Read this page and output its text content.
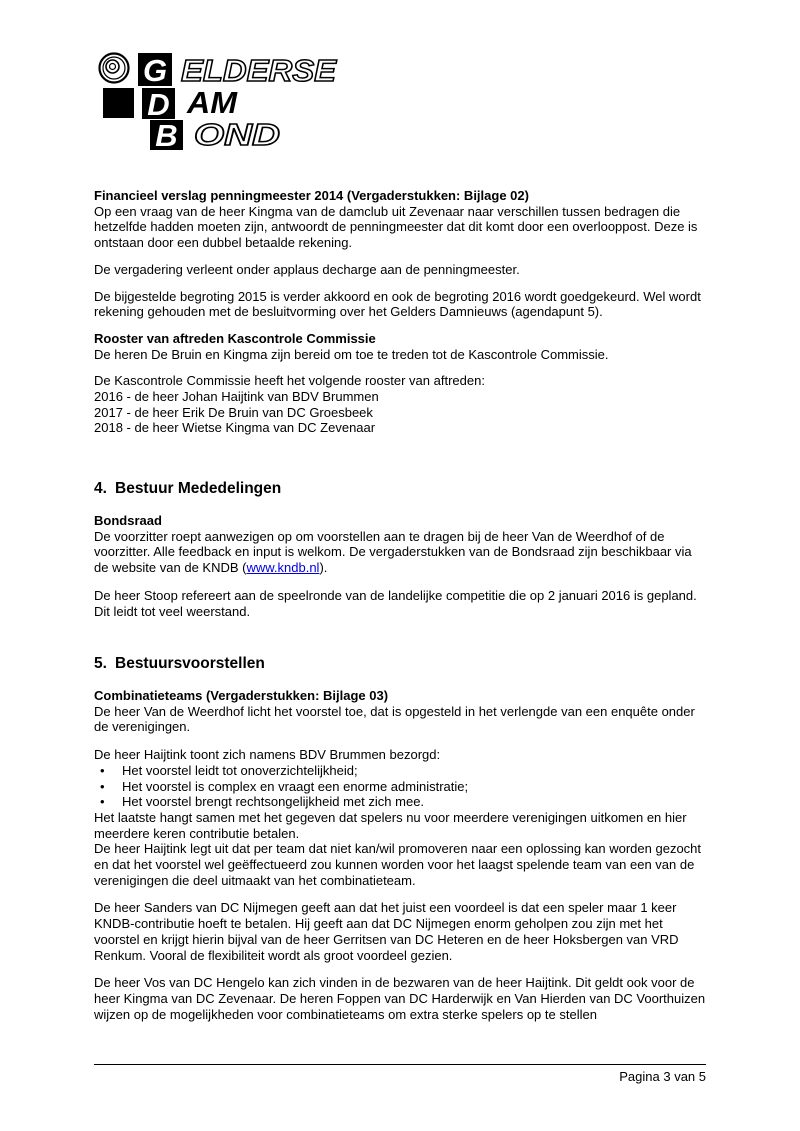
G
D
B
ELDERSE
AM
OND

Financieel verslag penningmeester 2014 (Vergaderstukken: Bijlage 02)

Op een vraag van de heer Kingma van de damclub uit Zevenaar naar verschillen tussen bedragen die hetzelfde hadden moeten zijn, antwoordt de penningmeester dat dit komt door een overlooppost. Deze is ontstaan door een dubbel betaalde rekening.

De vergadering verleent onder applaus decharge aan de penningmeester.

De bijgestelde begroting 2015 is verder akkoord en ook de begroting 2016 wordt goedgekeurd. Wel wordt rekening gehouden met de besluitvorming over het Gelders Damnieuws (agendapunt 5).

Rooster van aftreden Kascontrole Commissie

De heren De Bruin en Kingma zijn bereid om toe te treden tot de Kascontrole Commissie.

De Kascontrole Commissie heeft het volgende rooster van aftreden:

2016 - de heer Johan Haijtink van BDV Brummen

2017 - de heer Erik De Bruin van DC Groesbeek

2018 - de heer Wietse Kingma van DC Zevenaar

4. Bestuur Mededelingen

Bondsraad

De voorzitter roept aanwezigen op om voorstellen aan te dragen bij de heer Van de Weerdhof of de voorzitter. Alle feedback en input is welkom. De vergaderstukken van de Bondsraad zijn beschikbaar via de website van de KNDB (www.kndb.nl).

De heer Stoop refereert aan de speelronde van de landelijke competitie die op 2 januari 2016 is gepland. Dit leidt tot veel weerstand.

5. Bestuursvoorstellen

Combinatieteams (Vergaderstukken: Bijlage 03)

De heer Van de Weerdhof licht het voorstel toe, dat is opgesteld in het verlengde van een enquête onder de verenigingen.

De heer Haijtink toont zich namens BDV Brummen bezorgd:

• Het voorstel leidt tot onoverzichtelijkheid;
• Het voorstel is complex en vraagt een enorme administratie;
• Het voorstel brengt rechtsongelijkheid met zich mee.

Het laatste hangt samen met het gegeven dat spelers nu voor meerdere verenigingen uitkomen en hier meerdere keren contributie betalen.

De heer Haijtink legt uit dat per team dat niet kan/wil promoveren naar een oplossing kan worden gezocht en dat het voorstel wel geëffectueerd zou kunnen worden voor het laagst spelende team van een van de verenigingen die deel uitmaakt van het combinatieteam.

De heer Sanders van DC Nijmegen geeft aan dat het juist een voordeel is dat een speler maar 1 keer KNDB-contributie hoeft te betalen. Hij geeft aan dat DC Nijmegen enorm geholpen zou zijn met het voorstel en krijgt hierin bijval van de heer Gerritsen van DC Heteren en de heer Hoksbergen van VRD Renkum. Vooral de flexibiliteit wordt als groot voordeel gezien.

De heer Vos van DC Hengelo kan zich vinden in de bezwaren van de heer Haijtink. Dit geldt ook voor de heer Kingma van DC Zevenaar. De heren Foppen van DC Harderwijk en Van Hierden van DC Voorthuizen wijzen op de mogelijkheden voor combinatieteams om extra sterke spelers op te stellen

Pagina 3 van 5
